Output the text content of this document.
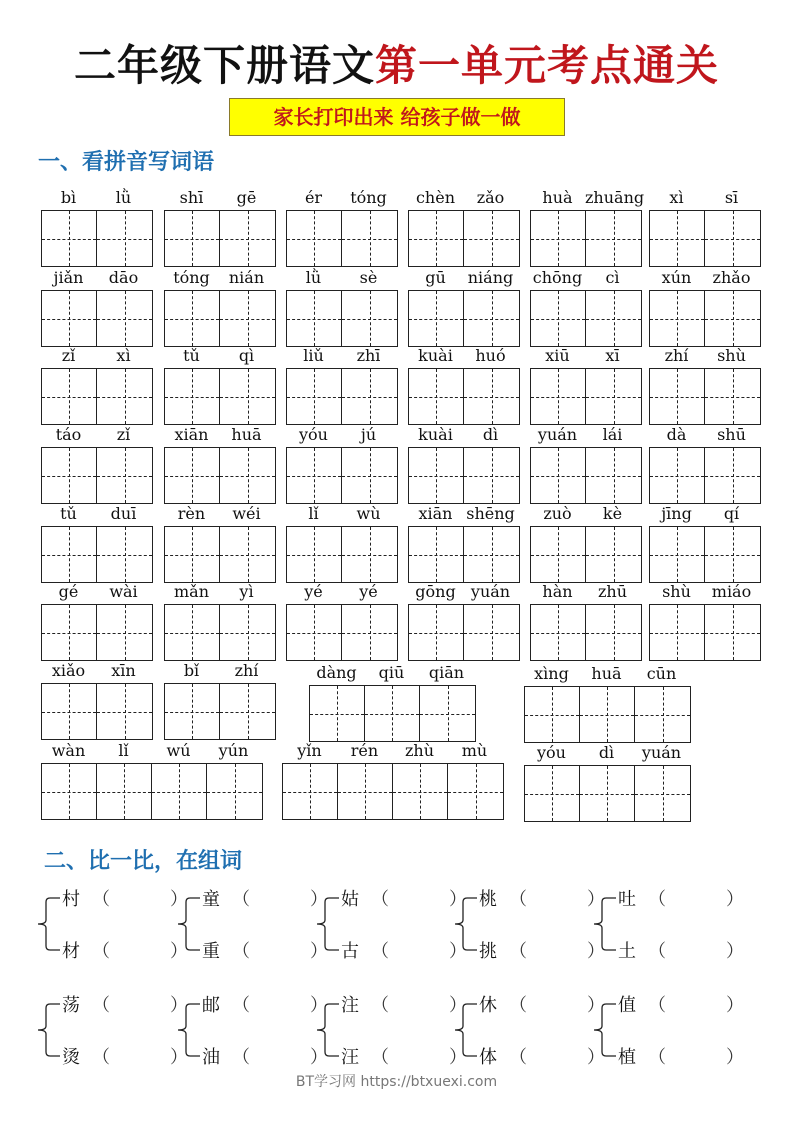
二年级下册语文第一单元考点通关
家长打印出来 给孩子做一做
一、看拼音写词语
bì	lǜ	shī	gē	ér	tóng	chèn	zǎo	huà zhuāng	xì	sī
jiǎn	dāo	tóng	nián	lǜ	sè	gū	niáng chōng	cì	xún	zhǎo
zǐ	xì	tǔ	qì	liǔ	zhī	kuài	huó	xiū	xī	zhí	shù
táo	zǐ	xiān	huā	yóu	jú	kuài	dì	yuán	lái	dà	shū
tǔ	duī	rèn	wéi	lǐ	wù	xiān shēng	zuò	kè	jīng	qí
gé	wài	mǎn	yì	yé	yé	gōng yuán	hàn	zhū	shù	miáo
xiǎo	xīn	bǐ	zhí	dàng	qiū	qiān	xìng	huā	cūn
wàn	lǐ	wú	yún	yǐn	rén	zhù	mù	yóu	dì	yuán
二、比一比，在组词
村 （	）
材 （	）
童 （	）
重 （	）
姑 （	）
古 （	）
桃 （	）
挑 （	）
吐 （	）
土 （	）
荡 （	）
烫 （	）
邮 （	）
油 （	）
注 （	）
汪 （	）
休 （	）
体 （	）
值 （	）
植 （	）
BT学习网 https://btxuexi.com
